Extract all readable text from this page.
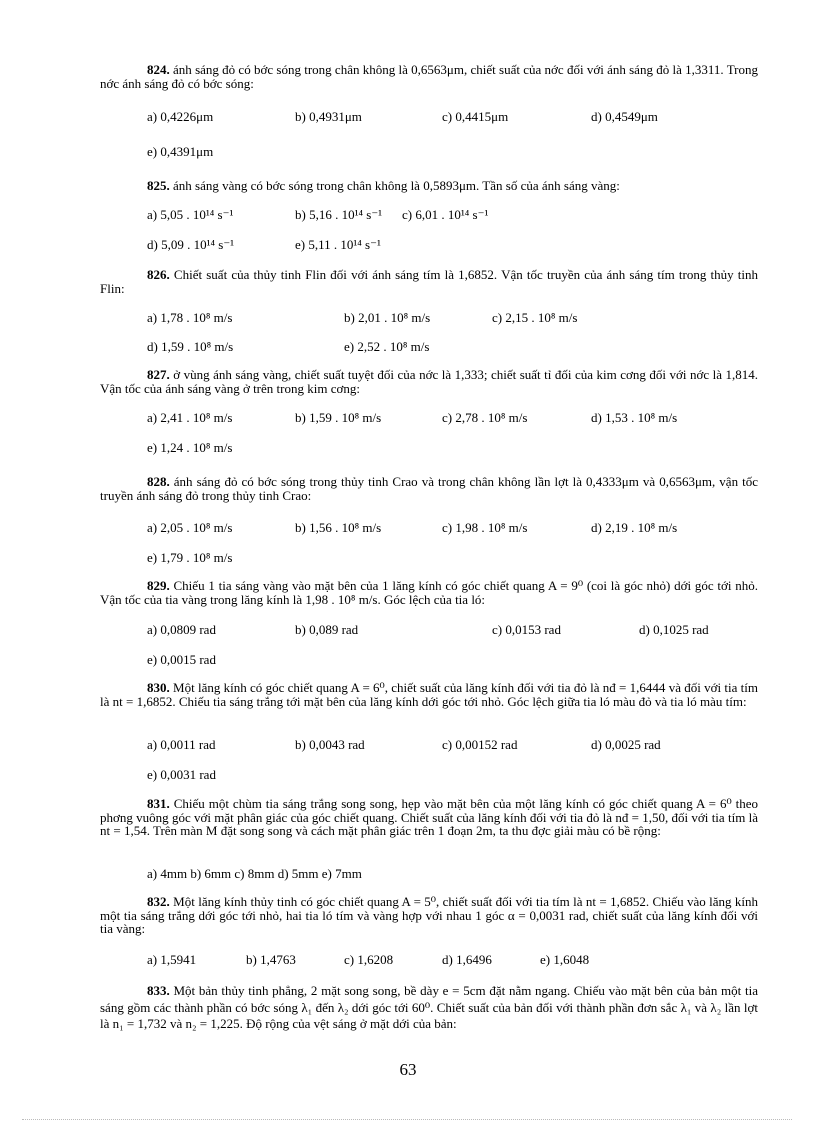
824. ánh sáng đỏ có bớc sóng trong chân không là 0,6563μm, chiết suất của nớc đối với ánh sáng đỏ là 1,3311. Trong nớc ánh sáng đỏ có bớc sóng:
a) 0,4226μm	b) 0,4931μm	c) 0,4415μm	d) 0,4549μm
e) 0,4391μm
825. ánh sáng vàng có bớc sóng trong chân không là 0,5893μm. Tần số của ánh sáng vàng:
a) 5,05 . 10¹⁴ s⁻¹	b) 5,16 . 10¹⁴ s⁻¹ c) 6,01 . 10¹⁴ s⁻¹
d) 5,09 . 10¹⁴ s⁻¹	e) 5,11 . 10¹⁴ s⁻¹
826. Chiết suất của thủy tinh Flin đối với ánh sáng tím là 1,6852. Vận tốc truyền của ánh sáng tím trong thủy tinh Flin:
a) 1,78 . 10⁸ m/s	b) 2,01 . 10⁸ m/s	c) 2,15 . 10⁸ m/s
d) 1,59 . 10⁸ m/s	e) 2,52 . 10⁸ m/s
827. ở vùng ánh sáng vàng, chiết suất tuyệt đối của nớc là 1,333; chiết suất tỉ đối của kim cơng đối với nớc là 1,814. Vận tốc của ánh sáng vàng ở trên trong kim cơng:
a) 2,41 . 10⁸ m/s	b) 1,59 . 10⁸ m/s	c) 2,78 . 10⁸ m/s	d) 1,53 . 10⁸ m/s
e) 1,24 . 10⁸ m/s
828. ánh sáng đỏ có bớc sóng trong thủy tinh Crao và trong chân không lần lợt là 0,4333μm và 0,6563μm, vận tốc truyền ánh sáng đỏ trong thủy tinh Crao:
a) 2,05 . 10⁸ m/s	b) 1,56 . 10⁸ m/s	c) 1,98 . 10⁸ m/s	d) 2,19 . 10⁸ m/s
e) 1,79 . 10⁸ m/s
829. Chiếu 1 tia sáng vàng vào mặt bên của 1 lăng kính có góc chiết quang A = 9⁰ (coi là góc nhỏ) dới góc tới nhỏ. Vận tốc của tia vàng trong lăng kính là 1,98 . 10⁸ m/s. Góc lệch của tia ló:
a) 0,0809 rad	b) 0,089 rad	c) 0,0153 rad	d) 0,1025 rad
e) 0,0015 rad
830. Một lăng kính có góc chiết quang A = 6⁰, chiết suất của lăng kính đối với tia đỏ là nđ = 1,6444 và đối với tia tím là nt = 1,6852. Chiếu tia sáng trắng tới mặt bên của lăng kính dới góc tới nhỏ. Góc lệch giữa tia ló màu đỏ và tia ló màu tím:
a) 0,0011 rad	b) 0,0043 rad	c) 0,00152 rad	d) 0,0025 rad
e) 0,0031 rad
831. Chiếu một chùm tia sáng trắng song song, hẹp vào mặt bên của một lăng kính có góc chiết quang A = 6⁰ theo phơng vuông góc với mặt phân giác của góc chiết quang. Chiết suất của lăng kính đối với tia đỏ là nđ = 1,50, đối với tia tím là nt = 1,54. Trên màn M đặt song song và cách mặt phân giác trên 1 đoạn 2m, ta thu đợc giải màu có bề rộng:
a) 4mm b) 6mm c) 8mm d) 5mm e) 7mm
832. Một lăng kính thủy tinh có góc chiết quang A = 5⁰, chiết suất đối với tia tím là nt = 1,6852. Chiếu vào lăng kính một tia sáng trắng dới góc tới nhỏ, hai tia ló tím và vàng hợp với nhau 1 góc α = 0,0031 rad, chiết suất của lăng kính đối với tia vàng:
a) 1,5941	b) 1,4763	c) 1,6208	d) 1,6496	e) 1,6048
833. Một bản thủy tinh phẳng, 2 mặt song song, bề dày e = 5cm đặt nằm ngang. Chiếu vào mặt bên của bản một tia sáng gồm các thành phần có bớc sóng λ₁ đến λ₂ dới góc tới 60⁰. Chiết suất của bản đối với thành phần đơn sắc λ₁ và λ₂ lần lợt là n₁ = 1,732 và n₂ = 1,225. Độ rộng của vệt sáng ở mặt dới của bản:
63
